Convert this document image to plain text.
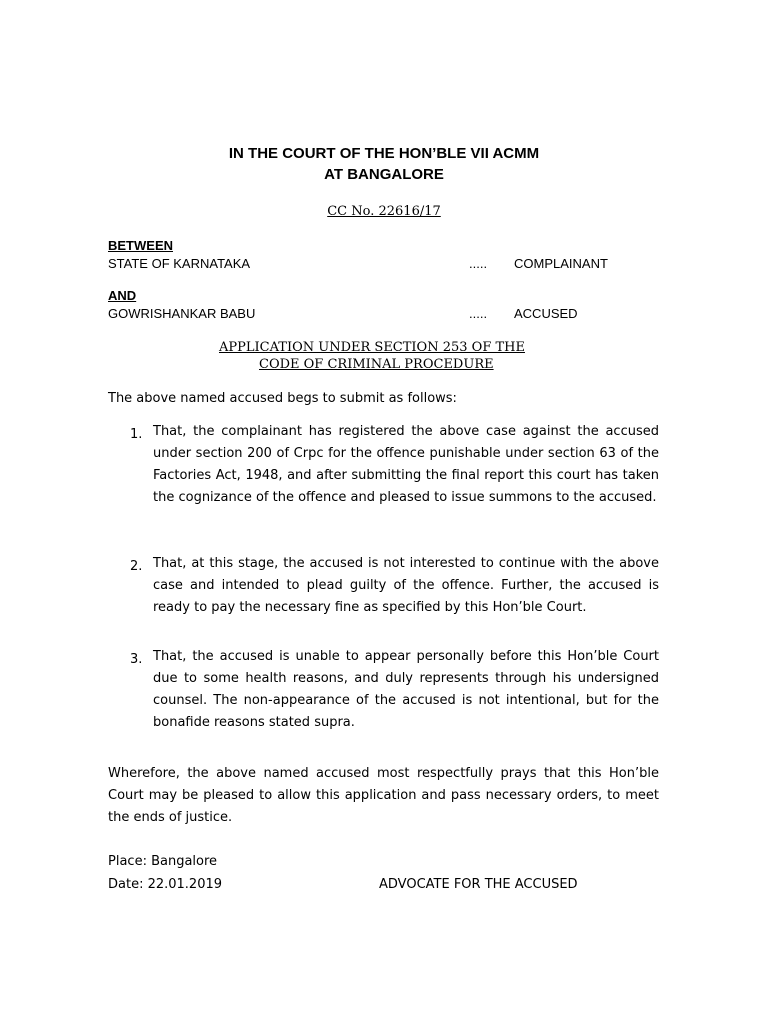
IN THE COURT OF THE HON’BLE VII ACMM
AT BANGALORE
CC No. 22616/17
BETWEEN
STATE OF KARNATAKA	..... COMPLAINANT
AND
GOWRISHANKAR BABU	..... ACCUSED
APPLICATION UNDER SECTION 253 OF THE
CODE OF CRIMINAL PROCEDURE
The above named accused begs to submit as follows:
1. That, the complainant has registered the above case against the accused under section 200 of Crpc for the offence punishable under section 63 of the Factories Act, 1948, and after submitting the final report this court has taken the cognizance of the offence and pleased to issue summons to the accused.
2. That, at this stage, the accused is not interested to continue with the above case and intended to plead guilty of the offence. Further, the accused is ready to pay the necessary fine as specified by this Hon’ble Court.
3. That, the accused is unable to appear personally before this Hon’ble Court due to some health reasons, and duly represents through his undersigned counsel. The non-appearance of the accused is not intentional, but for the bonafide reasons stated supra.
Wherefore, the above named accused most respectfully prays that this Hon’ble Court may be pleased to allow this application and pass necessary orders, to meet the ends of justice.
Place: Bangalore
Date: 22.01.2019	ADVOCATE FOR THE ACCUSED
